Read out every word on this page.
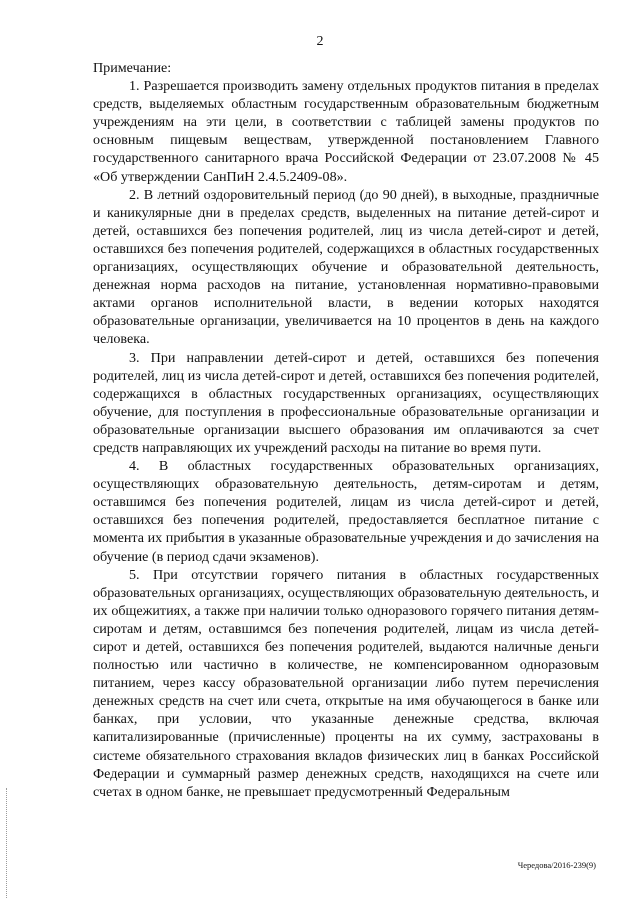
2

Примечание:

1. Разрешается производить замену отдельных продуктов питания в пределах средств, выделяемых областным государственным образовательным бюджетным учреждениям на эти цели, в соответствии с таблицей замены продуктов по основным пищевым веществам, утвержденной постановлением Главного государственного санитарного врача Российской Федерации от 23.07.2008 № 45 «Об утверждении СанПиН 2.4.5.2409-08».

2. В летний оздоровительный период (до 90 дней), в выходные, праздничные и каникулярные дни в пределах средств, выделенных на питание детей-сирот и детей, оставшихся без попечения родителей, лиц из числа детей-сирот и детей, оставшихся без попечения родителей, содержащихся в областных государственных организациях, осуществляющих обучение и образовательной деятельность, денежная норма расходов на питание, установленная нормативно-правовыми актами органов исполнительной власти, в ведении которых находятся образовательные организации, увеличивается на 10 процентов в день на каждого человека.

3. При направлении детей-сирот и детей, оставшихся без попечения родителей, лиц из числа детей-сирот и детей, оставшихся без попечения родителей, содержащихся в областных государственных организациях, осуществляющих обучение, для поступления в профессиональные образовательные организации и образовательные организации высшего образования им оплачиваются за счет средств направляющих их учреждений расходы на питание во время пути.

4. В областных государственных образовательных организациях, осуществляющих образовательную деятельность, детям-сиротам и детям, оставшимся без попечения родителей, лицам из числа детей-сирот и детей, оставшихся без попечения родителей, предоставляется бесплатное питание с момента их прибытия в указанные образовательные учреждения и до зачисления на обучение (в период сдачи экзаменов).

5. При отсутствии горячего питания в областных государственных образовательных организациях, осуществляющих образовательную деятельность, и их общежитиях, а также при наличии только одноразового горячего питания детям-сиротам и детям, оставшимся без попечения родителей, лицам из числа детей-сирот и детей, оставшихся без попечения родителей, выдаются наличные деньги полностью или частично в количестве, не компенсированном одноразовым питанием, через кассу образовательной организации либо путем перечисления денежных средств на счет или счета, открытые на имя обучающегося в банке или банках, при условии, что указанные денежные средства, включая капитализированные (причисленные) проценты на их сумму, застрахованы в системе обязательного страхования вкладов физических лиц в банках Российской Федерации и суммарный размер денежных средств, находящихся на счете или счетах в одном банке, не превышает предусмотренный Федеральным

Чередова/2016-239(9)
